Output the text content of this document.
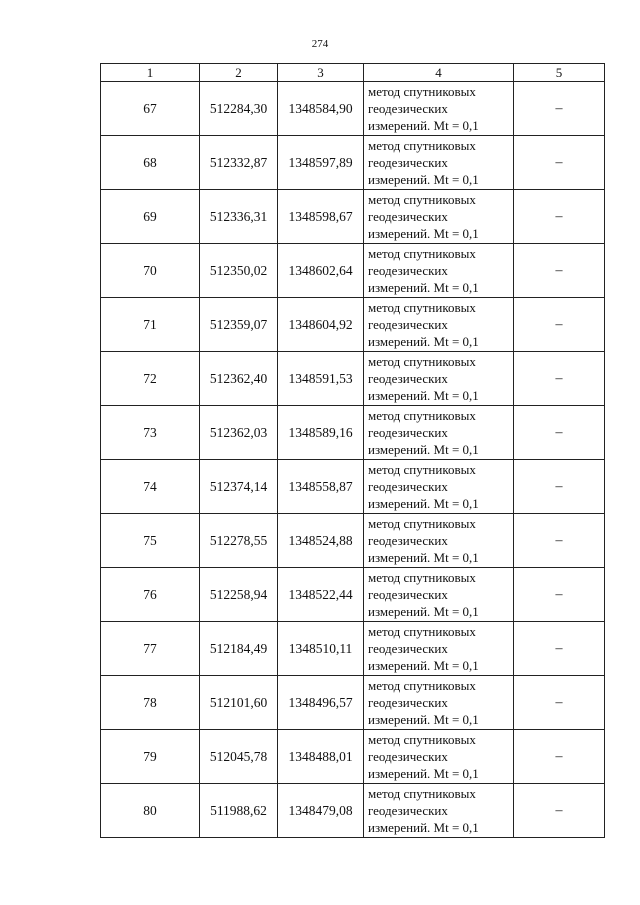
274
1	2	3	4	5
67	512284,30	1348584,90	метод спутниковых
геодезических
измерений. Mt = 0,1	–
68	512332,87	1348597,89	метод спутниковых
геодезических
измерений. Mt = 0,1	–
69	512336,31	1348598,67	метод спутниковых
геодезических
измерений. Mt = 0,1	–
70	512350,02	1348602,64	метод спутниковых
геодезических
измерений. Mt = 0,1	–
71	512359,07	1348604,92	метод спутниковых
геодезических
измерений. Mt = 0,1	–
72	512362,40	1348591,53	метод спутниковых
геодезических
измерений. Mt = 0,1	–
73	512362,03	1348589,16	метод спутниковых
геодезических
измерений. Mt = 0,1	–
74	512374,14	1348558,87	метод спутниковых
геодезических
измерений. Mt = 0,1	–
75	512278,55	1348524,88	метод спутниковых
геодезических
измерений. Mt = 0,1	–
76	512258,94	1348522,44	метод спутниковых
геодезических
измерений. Mt = 0,1	–
77	512184,49	1348510,11	метод спутниковых
геодезических
измерений. Mt = 0,1	–
78	512101,60	1348496,57	метод спутниковых
геодезических
измерений. Mt = 0,1	–
79	512045,78	1348488,01	метод спутниковых
геодезических
измерений. Mt = 0,1	–
80	511988,62	1348479,08	метод спутниковых
геодезических
измерений. Mt = 0,1	–
